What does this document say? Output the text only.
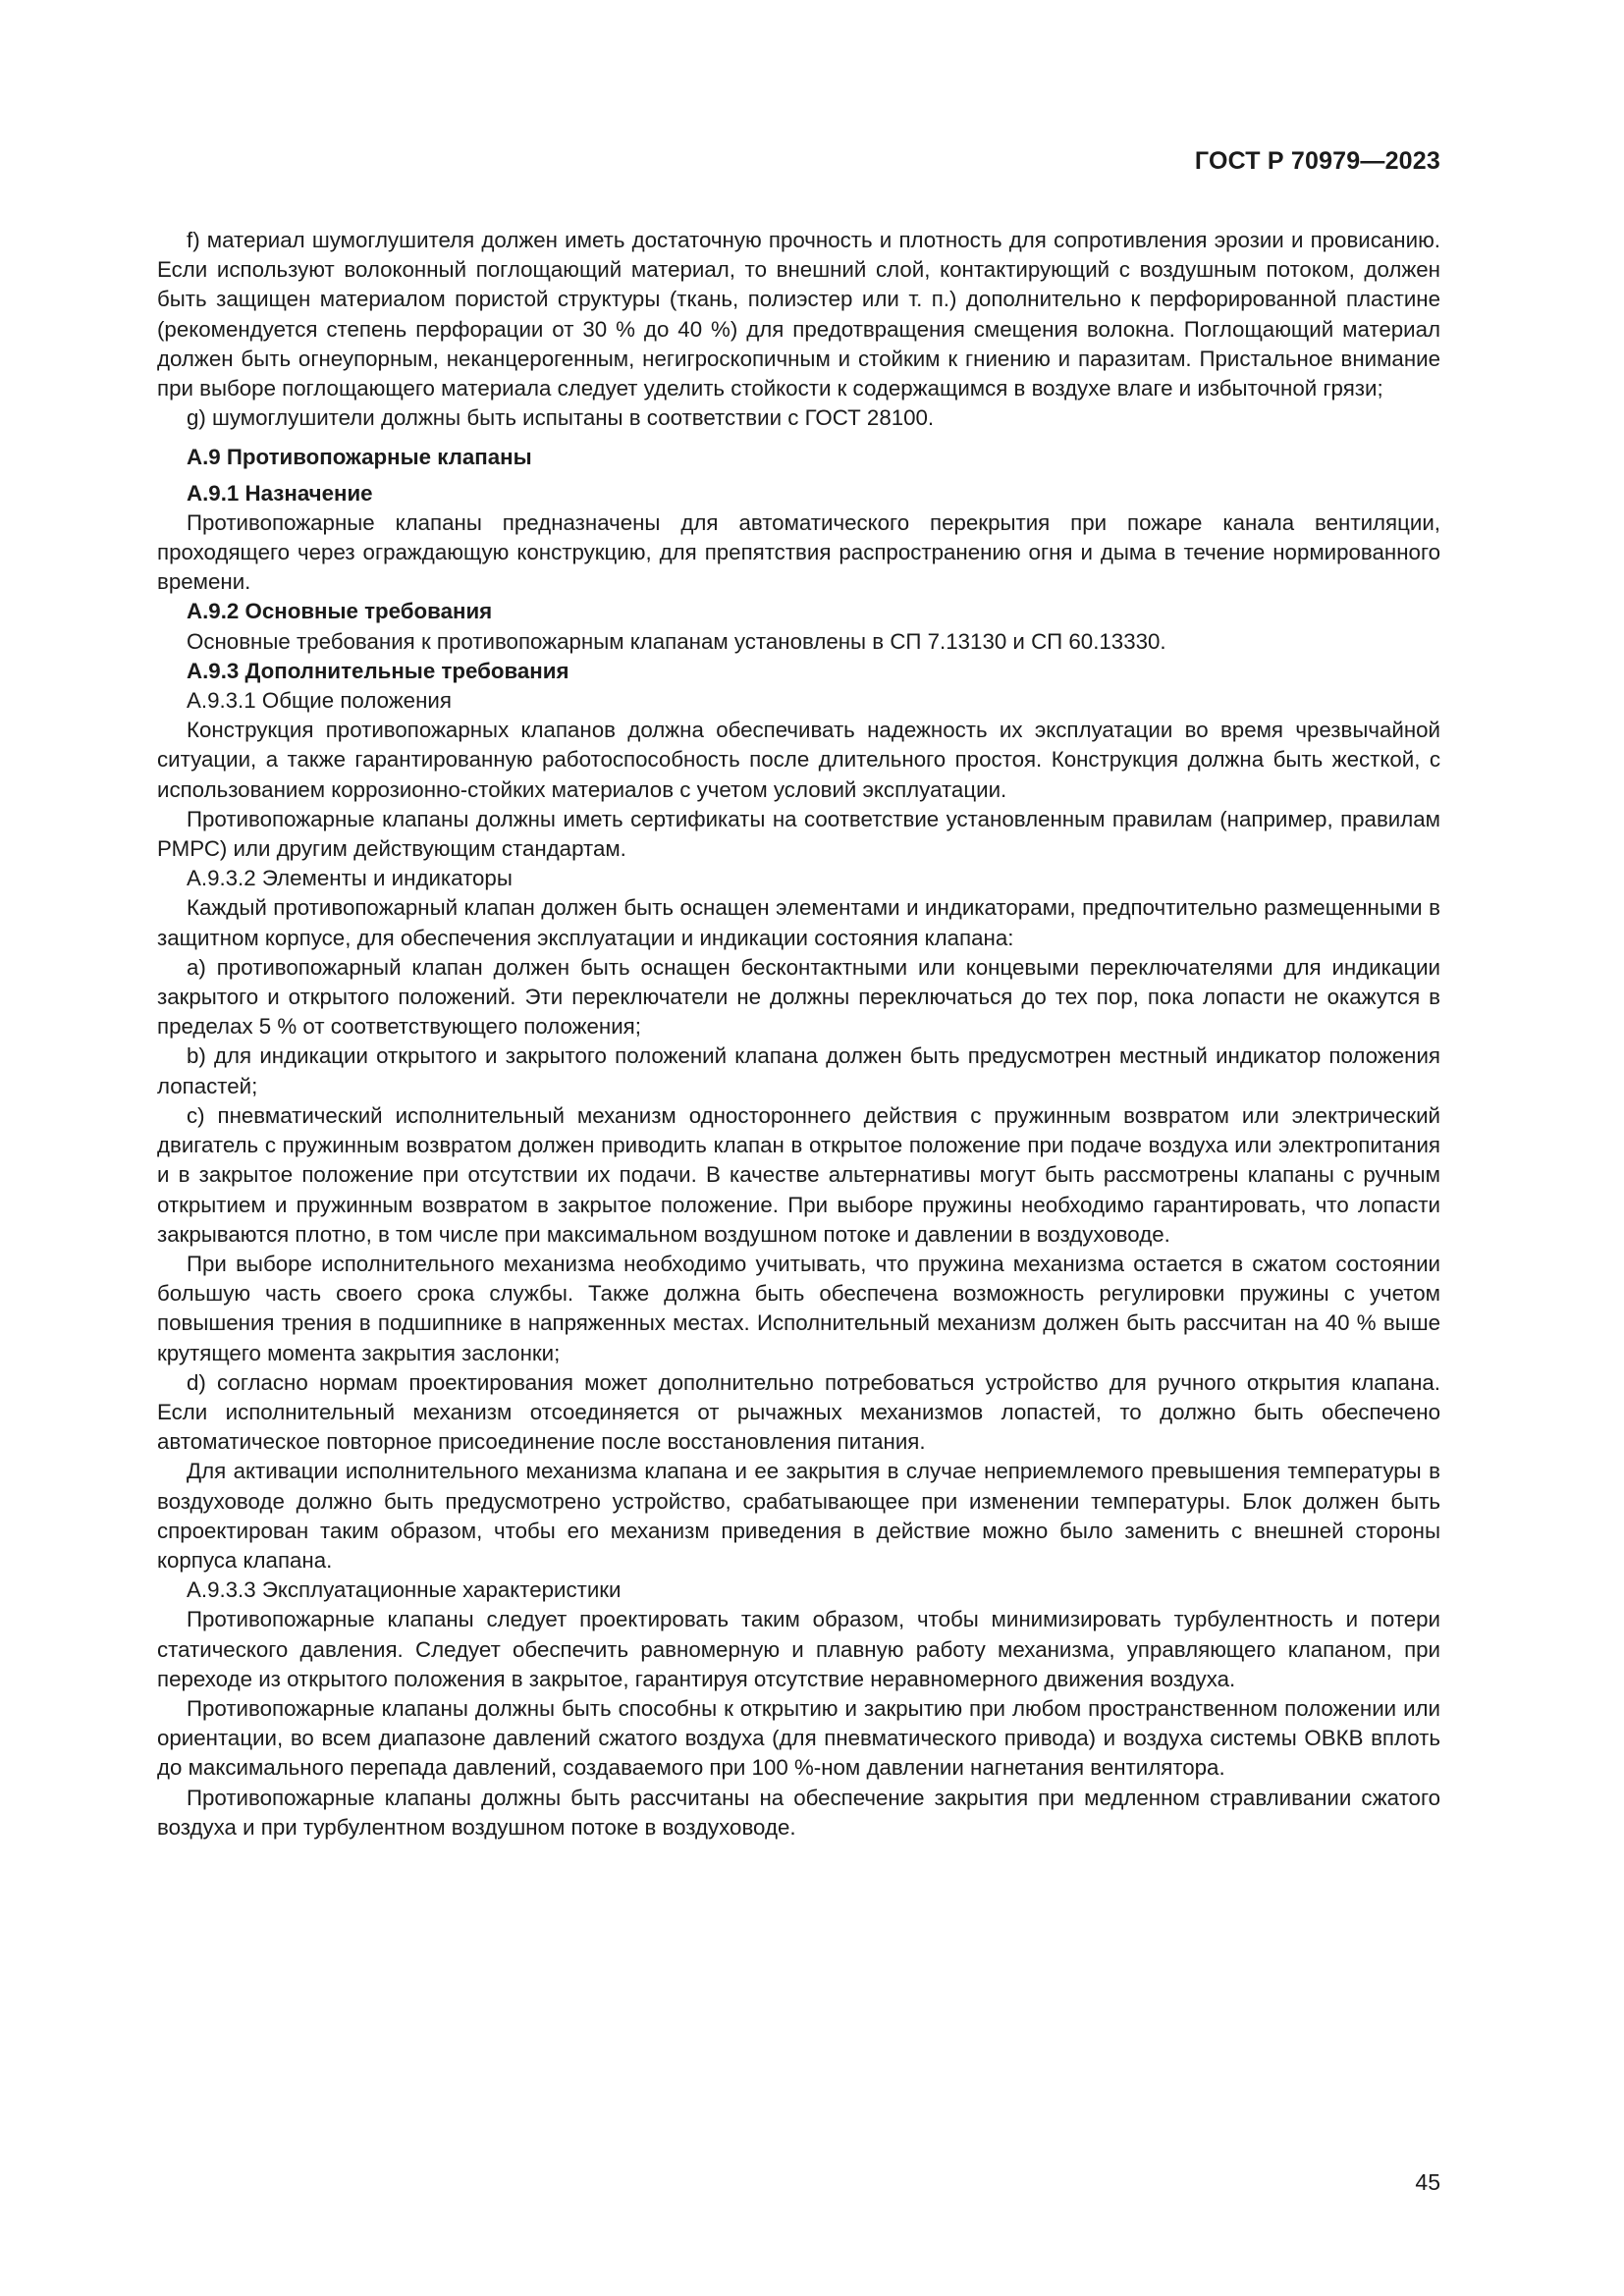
ГОСТ Р 70979—2023

f) материал шумоглушителя должен иметь достаточную прочность и плотность для сопротивления эрозии и провисанию. Если используют волоконный поглощающий материал, то внешний слой, контактирующий с воздушным потоком, должен быть защищен материалом пористой структуры (ткань, полиэстер или т. п.) дополнительно к перфорированной пластине (рекомендуется степень перфорации от 30 % до 40 %) для предотвращения смещения волокна. Поглощающий материал должен быть огнеупорным, неканцерогенным, негигроскопичным и стойким к гниению и паразитам. Пристальное внимание при выборе поглощающего материала следует уделить стойкости к содержащимся в воздухе влаге и избыточной грязи;

g) шумоглушители должны быть испытаны в соответствии с ГОСТ 28100.

А.9 Противопожарные клапаны

А.9.1 Назначение

Противопожарные клапаны предназначены для автоматического перекрытия при пожаре канала вентиляции, проходящего через ограждающую конструкцию, для препятствия распространению огня и дыма в течение нормированного времени.

А.9.2 Основные требования

Основные требования к противопожарным клапанам установлены в СП 7.13130 и СП 60.13330.

А.9.3 Дополнительные требования

А.9.3.1 Общие положения

Конструкция противопожарных клапанов должна обеспечивать надежность их эксплуатации во время чрезвычайной ситуации, а также гарантированную работоспособность после длительного простоя. Конструкция должна быть жесткой, с использованием коррозионно-стойких материалов с учетом условий эксплуатации.

Противопожарные клапаны должны иметь сертификаты на соответствие установленным правилам (например, правилам РМРС) или другим действующим стандартам.

А.9.3.2 Элементы и индикаторы

Каждый противопожарный клапан должен быть оснащен элементами и индикаторами, предпочтительно размещенными в защитном корпусе, для обеспечения эксплуатации и индикации состояния клапана:

a) противопожарный клапан должен быть оснащен бесконтактными или концевыми переключателями для индикации закрытого и открытого положений. Эти переключатели не должны переключаться до тех пор, пока лопасти не окажутся в пределах 5 % от соответствующего положения;

b) для индикации открытого и закрытого положений клапана должен быть предусмотрен местный индикатор положения лопастей;

c) пневматический исполнительный механизм одностороннего действия с пружинным возвратом или электрический двигатель с пружинным возвратом должен приводить клапан в открытое положение при подаче воздуха или электропитания и в закрытое положение при отсутствии их подачи. В качестве альтернативы могут быть рассмотрены клапаны с ручным открытием и пружинным возвратом в закрытое положение. При выборе пружины необходимо гарантировать, что лопасти закрываются плотно, в том числе при максимальном воздушном потоке и давлении в воздуховоде.

При выборе исполнительного механизма необходимо учитывать, что пружина механизма остается в сжатом состоянии большую часть своего срока службы. Также должна быть обеспечена возможность регулировки пружины с учетом повышения трения в подшипнике в напряженных местах. Исполнительный механизм должен быть рассчитан на 40 % выше крутящего момента закрытия заслонки;

d) согласно нормам проектирования может дополнительно потребоваться устройство для ручного открытия клапана. Если исполнительный механизм отсоединяется от рычажных механизмов лопастей, то должно быть обеспечено автоматическое повторное присоединение после восстановления питания.

Для активации исполнительного механизма клапана и ее закрытия в случае неприемлемого превышения температуры в воздуховоде должно быть предусмотрено устройство, срабатывающее при изменении температуры. Блок должен быть спроектирован таким образом, чтобы его механизм приведения в действие можно было заменить с внешней стороны корпуса клапана.

А.9.3.3 Эксплуатационные характеристики

Противопожарные клапаны следует проектировать таким образом, чтобы минимизировать турбулентность и потери статического давления. Следует обеспечить равномерную и плавную работу механизма, управляющего клапаном, при переходе из открытого положения в закрытое, гарантируя отсутствие неравномерного движения воздуха.

Противопожарные клапаны должны быть способны к открытию и закрытию при любом пространственном положении или ориентации, во всем диапазоне давлений сжатого воздуха (для пневматического привода) и воздуха системы ОВКВ вплоть до максимального перепада давлений, создаваемого при 100 %-ном давлении нагнетания вентилятора.

Противопожарные клапаны должны быть рассчитаны на обеспечение закрытия при медленном стравливании сжатого воздуха и при турбулентном воздушном потоке в воздуховоде.

45
